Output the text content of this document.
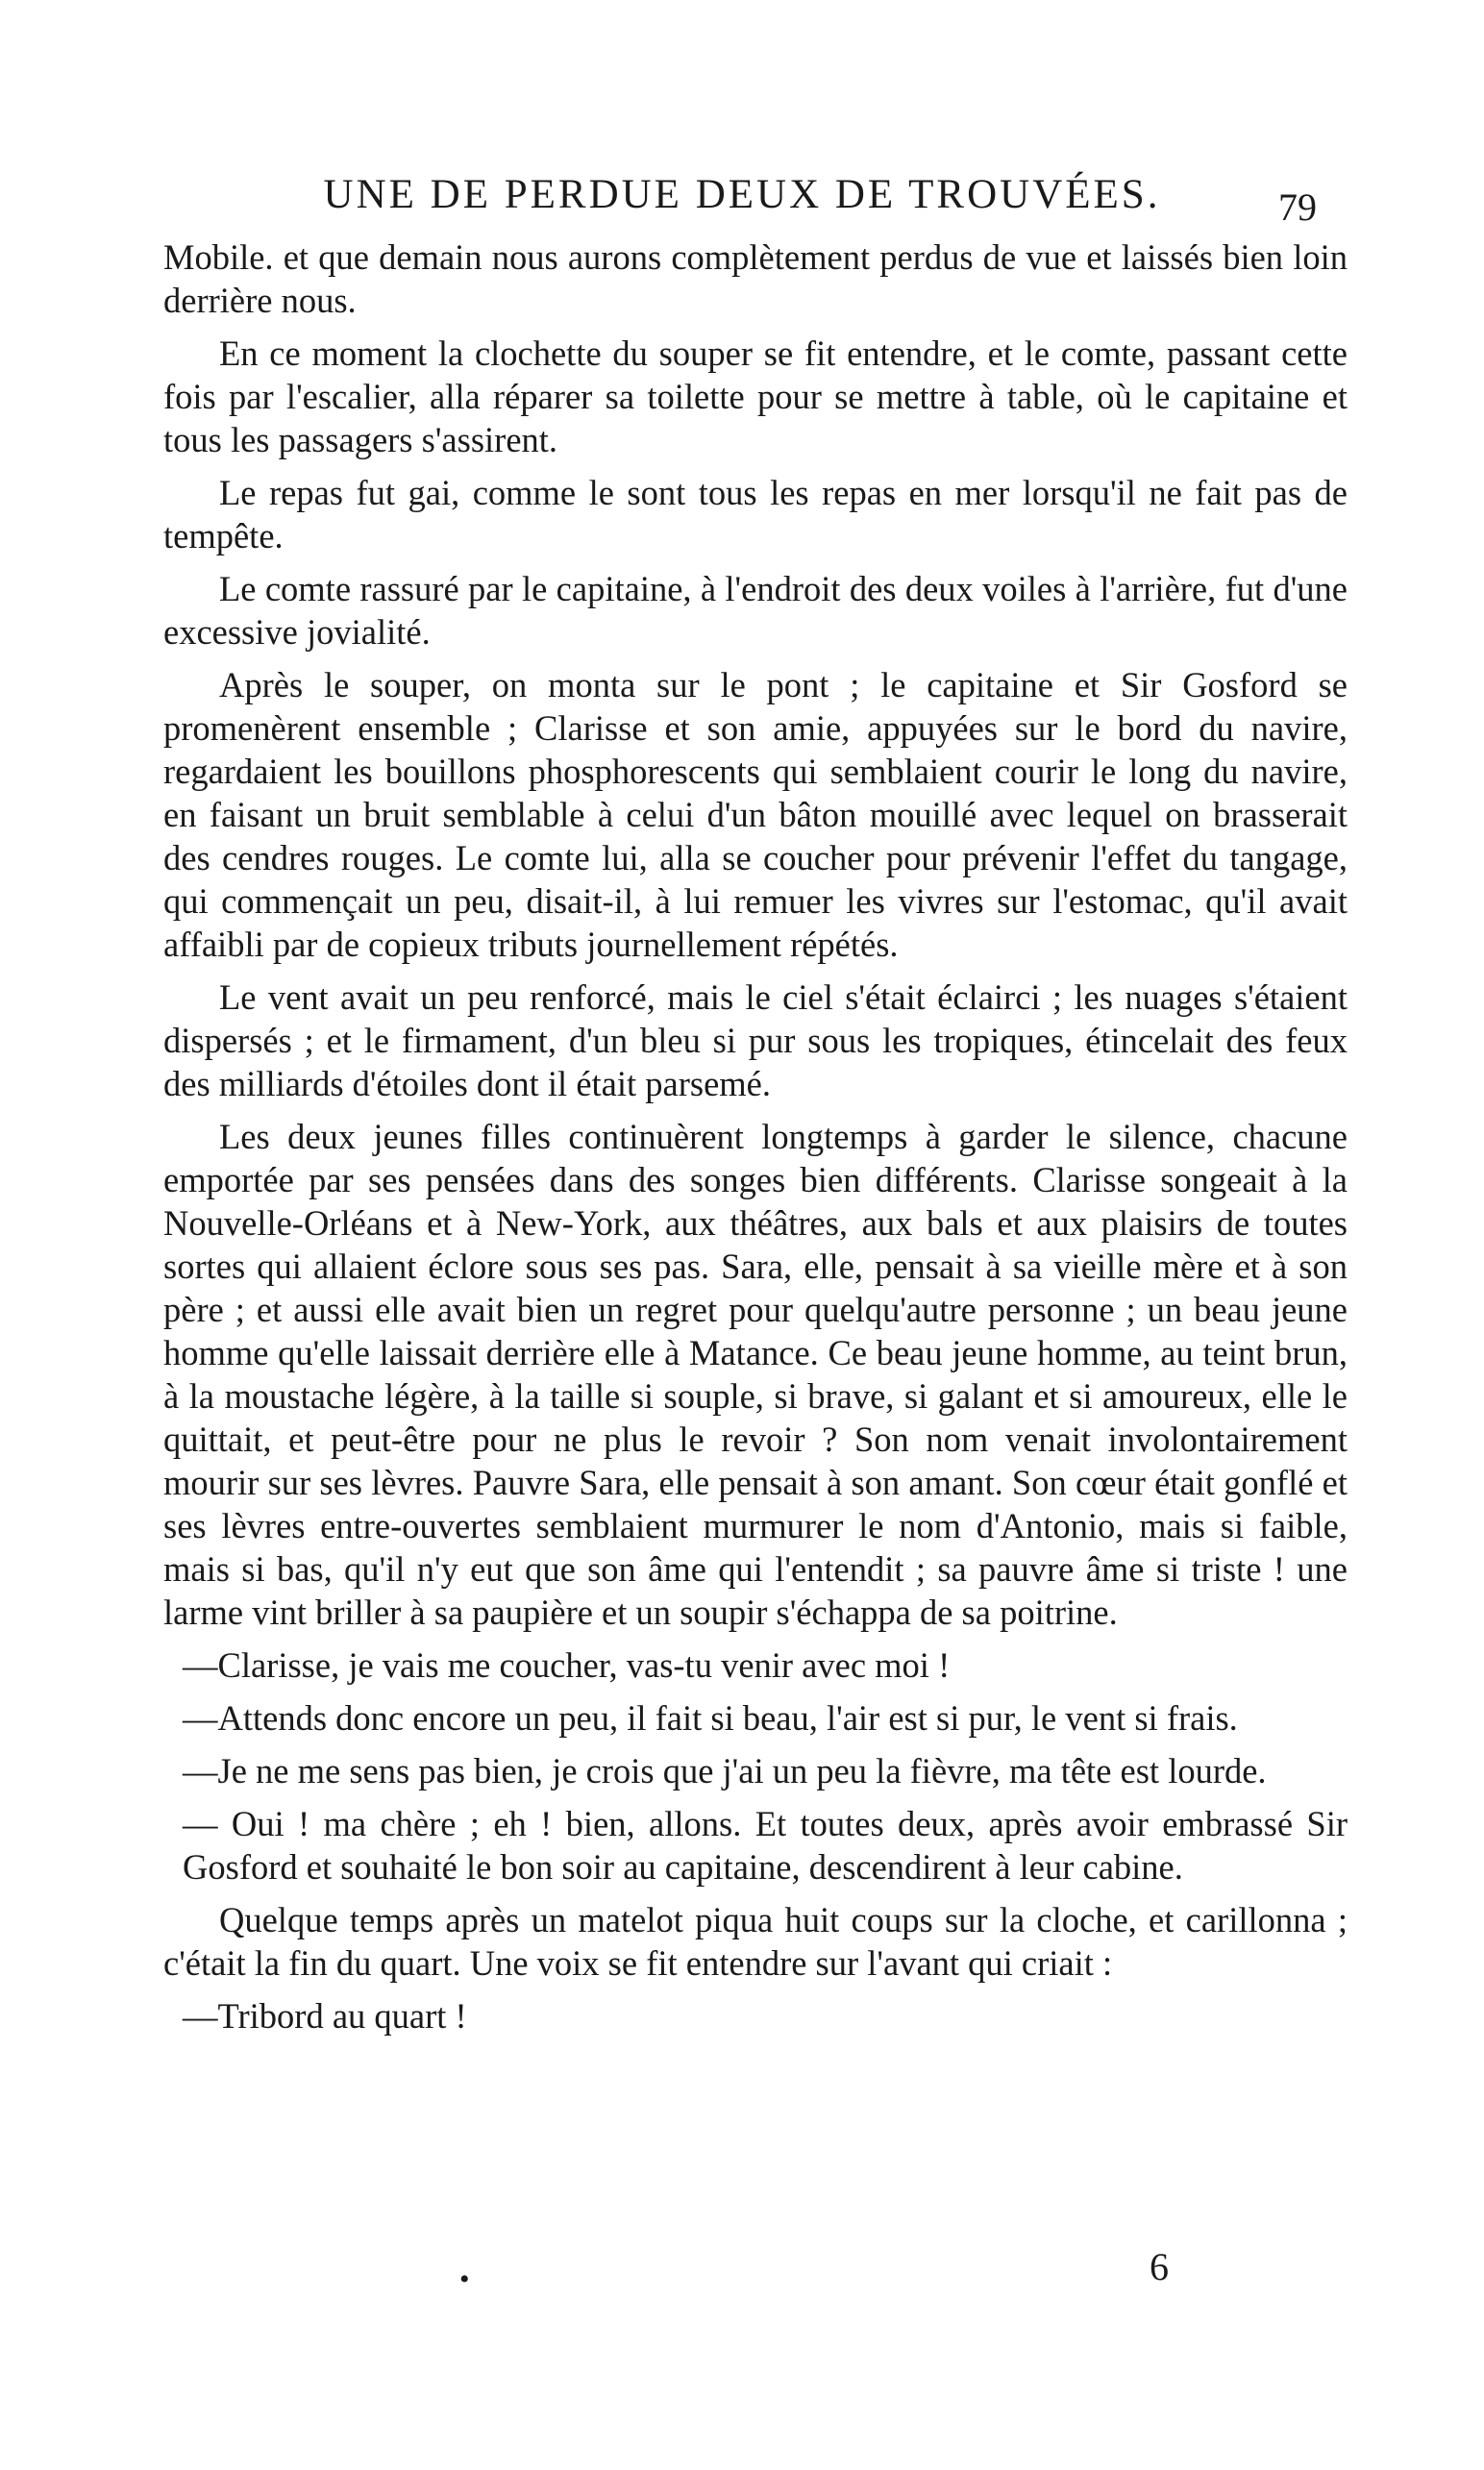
UNE DE PERDUE DEUX DE TROUVÉES.	79

Mobile. et que demain nous aurons complètement perdus de vue et laissés bien loin derrière nous.

En ce moment la clochette du souper se fit entendre, et le comte, passant cette fois par l'escalier, alla réparer sa toilette pour se mettre à table, où le capitaine et tous les passagers s'assirent.

Le repas fut gai, comme le sont tous les repas en mer lorsqu'il ne fait pas de tempête.

Le comte rassuré par le capitaine, à l'endroit des deux voiles à l'arrière, fut d'une excessive jovialité.

Après le souper, on monta sur le pont ; le capitaine et Sir Gosford se promenèrent ensemble ; Clarisse et son amie, appuyées sur le bord du navire, regardaient les bouillons phosphorescents qui semblaient courir le long du navire, en faisant un bruit semblable à celui d'un bâton mouillé avec lequel on brasserait des cendres rouges. Le comte lui, alla se coucher pour prévenir l'effet du tangage, qui commençait un peu, disait-il, à lui remuer les vivres sur l'estomac, qu'il avait affaibli par de copieux tributs journellement répétés.

Le vent avait un peu renforcé, mais le ciel s'était éclairci ; les nuages s'étaient dispersés ; et le firmament, d'un bleu si pur sous les tropiques, étincelait des feux des milliards d'étoiles dont il était parsemé.

Les deux jeunes filles continuèrent longtemps à garder le silence, chacune emportée par ses pensées dans des songes bien différents. Clarisse songeait à la Nouvelle-Orléans et à New-York, aux théâtres, aux bals et aux plaisirs de toutes sortes qui allaient éclore sous ses pas. Sara, elle, pensait à sa vieille mère et à son père ; et aussi elle avait bien un regret pour quelqu'autre personne ; un beau jeune homme qu'elle laissait derrière elle à Matance. Ce beau jeune homme, au teint brun, à la moustache légère, à la taille si souple, si brave, si galant et si amoureux, elle le quittait, et peut-être pour ne plus le revoir ? Son nom venait involontairement mourir sur ses lèvres. Pauvre Sara, elle pensait à son amant. Son cœur était gonflé et ses lèvres entre-ouvertes semblaient murmurer le nom d'Antonio, mais si faible, mais si bas, qu'il n'y eut que son âme qui l'entendit ; sa pauvre âme si triste ! une larme vint briller à sa paupière et un soupir s'échappa de sa poitrine.

—Clarisse, je vais me coucher, vas-tu venir avec moi !

—Attends donc encore un peu, il fait si beau, l'air est si pur, le vent si frais.

—Je ne me sens pas bien, je crois que j'ai un peu la fièvre, ma tête est lourde.

— Oui ! ma chère ; eh ! bien, allons. Et toutes deux, après avoir embrassé Sir Gosford et souhaité le bon soir au capitaine, descendirent à leur cabine.

Quelque temps après un matelot piqua huit coups sur la cloche, et carillonna ; c'était la fin du quart. Une voix se fit entendre sur l'avant qui criait :

—Tribord au quart !

•	6
